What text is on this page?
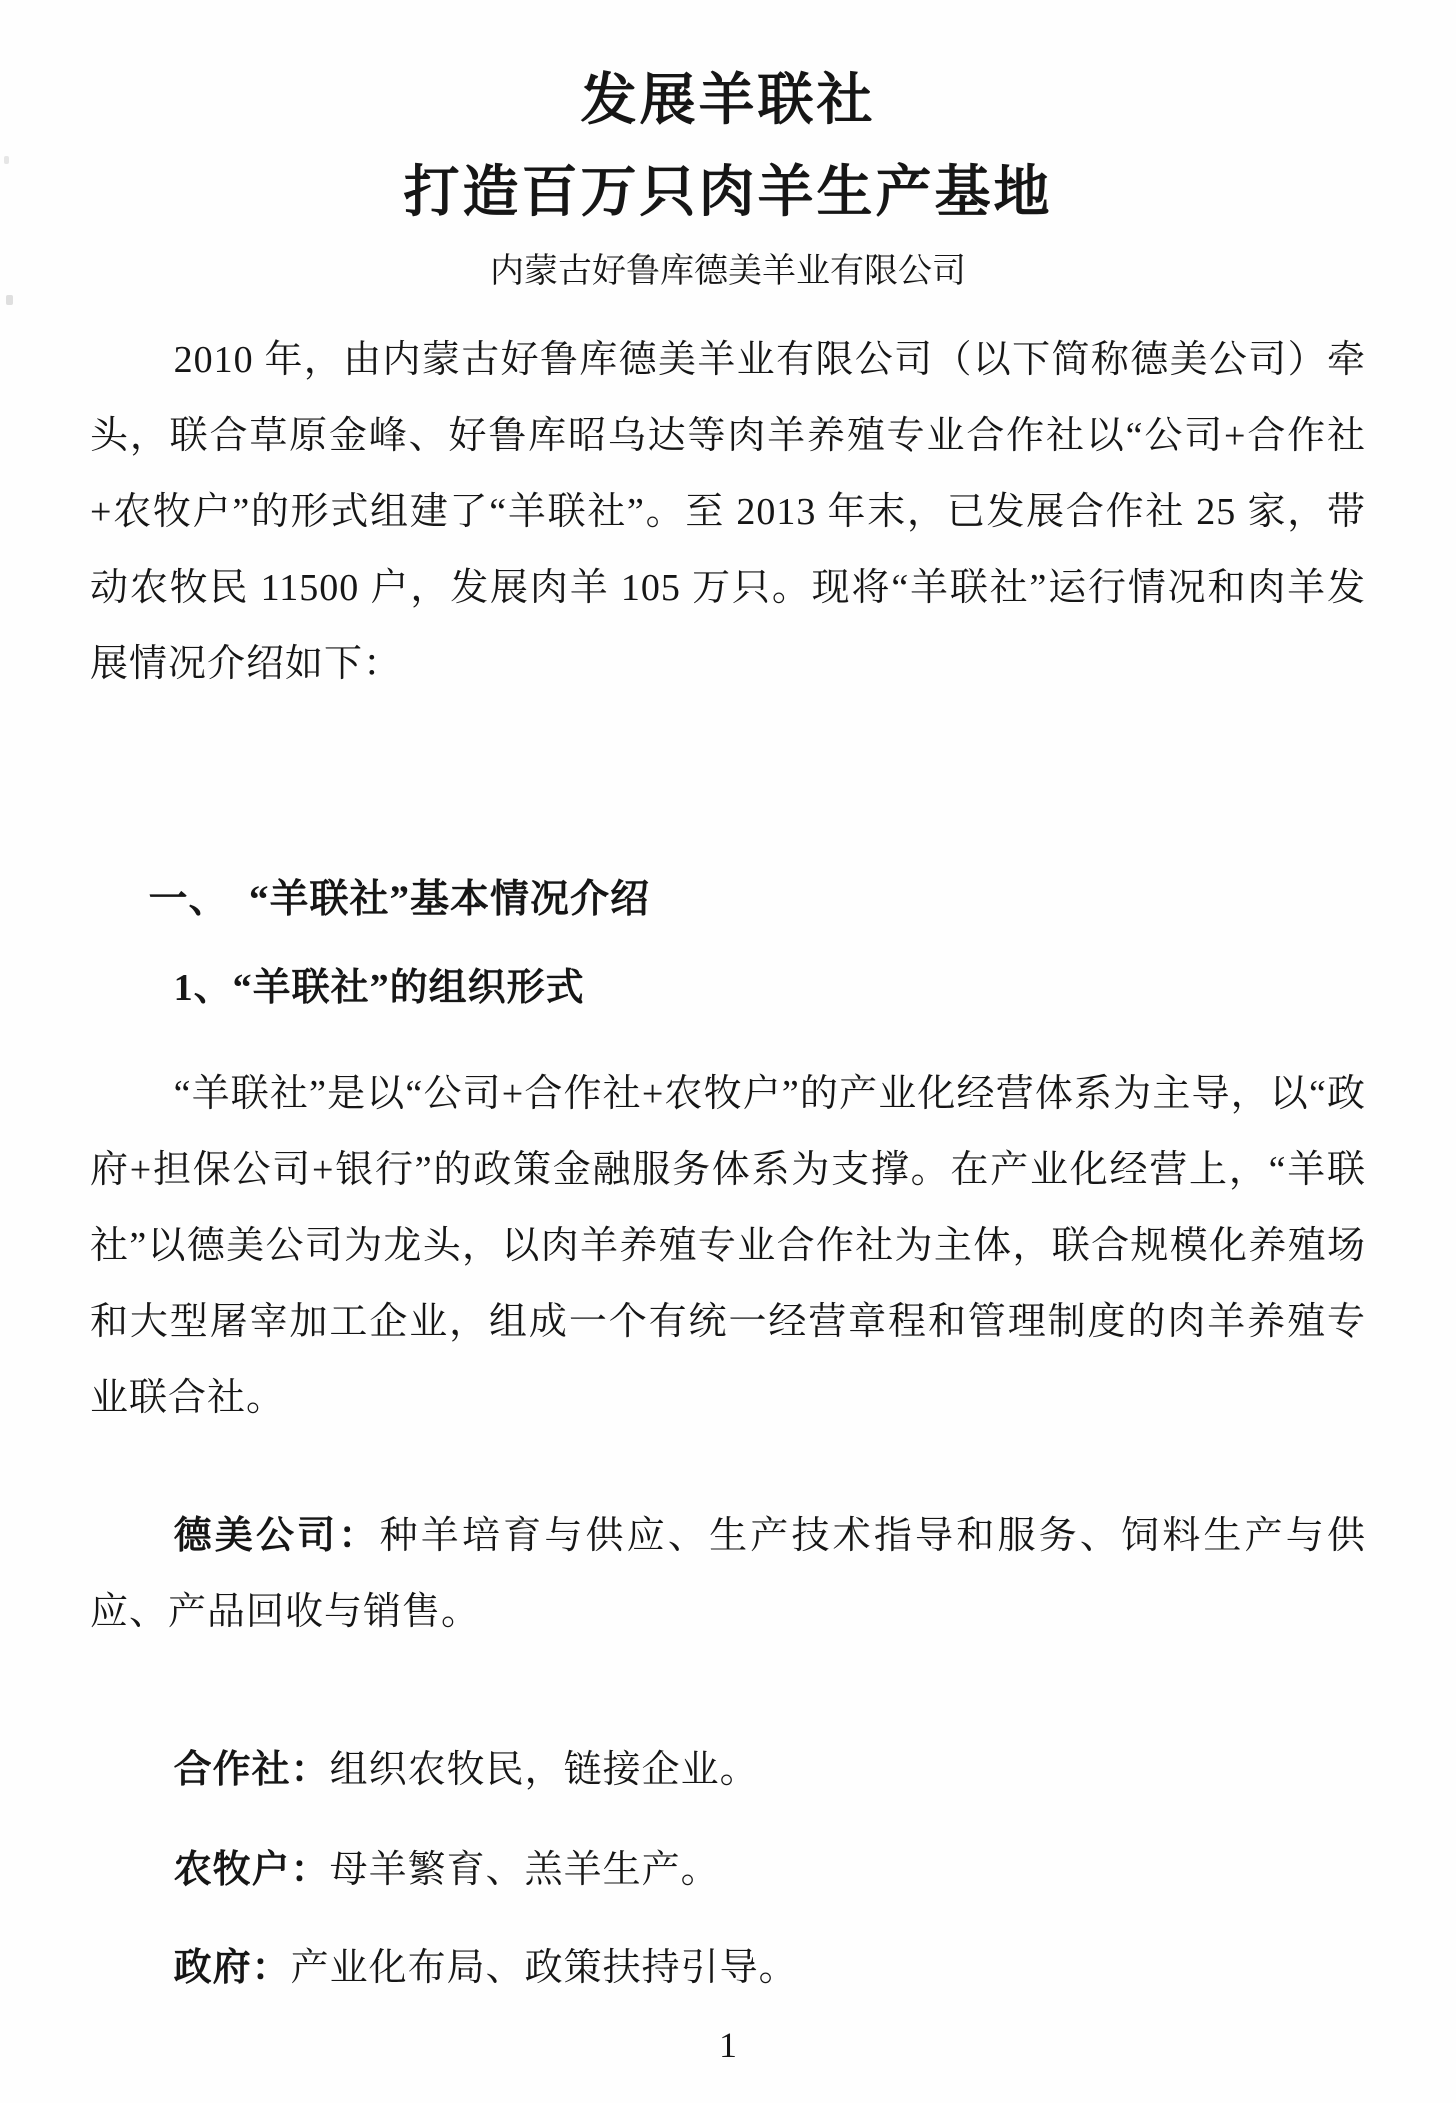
发展羊联社
打造百万只肉羊生产基地

内蒙古好鲁库德美羊业有限公司

2010 年，由内蒙古好鲁库德美羊业有限公司（以下简称德美公司）牵头，联合草原金峰、好鲁库昭乌达等肉羊养殖专业合作社以“公司+合作社+农牧户”的形式组建了“羊联社”。至 2013 年末，已发展合作社 25 家，带动农牧民 11500 户，发展肉羊 105 万只。现将“羊联社”运行情况和肉羊发展情况介绍如下：

一、　“羊联社”基本情况介绍

1、“羊联社”的组织形式

“羊联社”是以“公司+合作社+农牧户”的产业化经营体系为主导，以“政府+担保公司+银行”的政策金融服务体系为支撑。在产业化经营上，“羊联社”以德美公司为龙头，以肉羊养殖专业合作社为主体，联合规模化养殖场和大型屠宰加工企业，组成一个有统一经营章程和管理制度的肉羊养殖专业联合社。

德美公司：种羊培育与供应、生产技术指导和服务、饲料生产与供应、产品回收与销售。

合作社：组织农牧民，链接企业。

农牧户：母羊繁育、羔羊生产。

政府：产业化布局、政策扶持引导。

1
